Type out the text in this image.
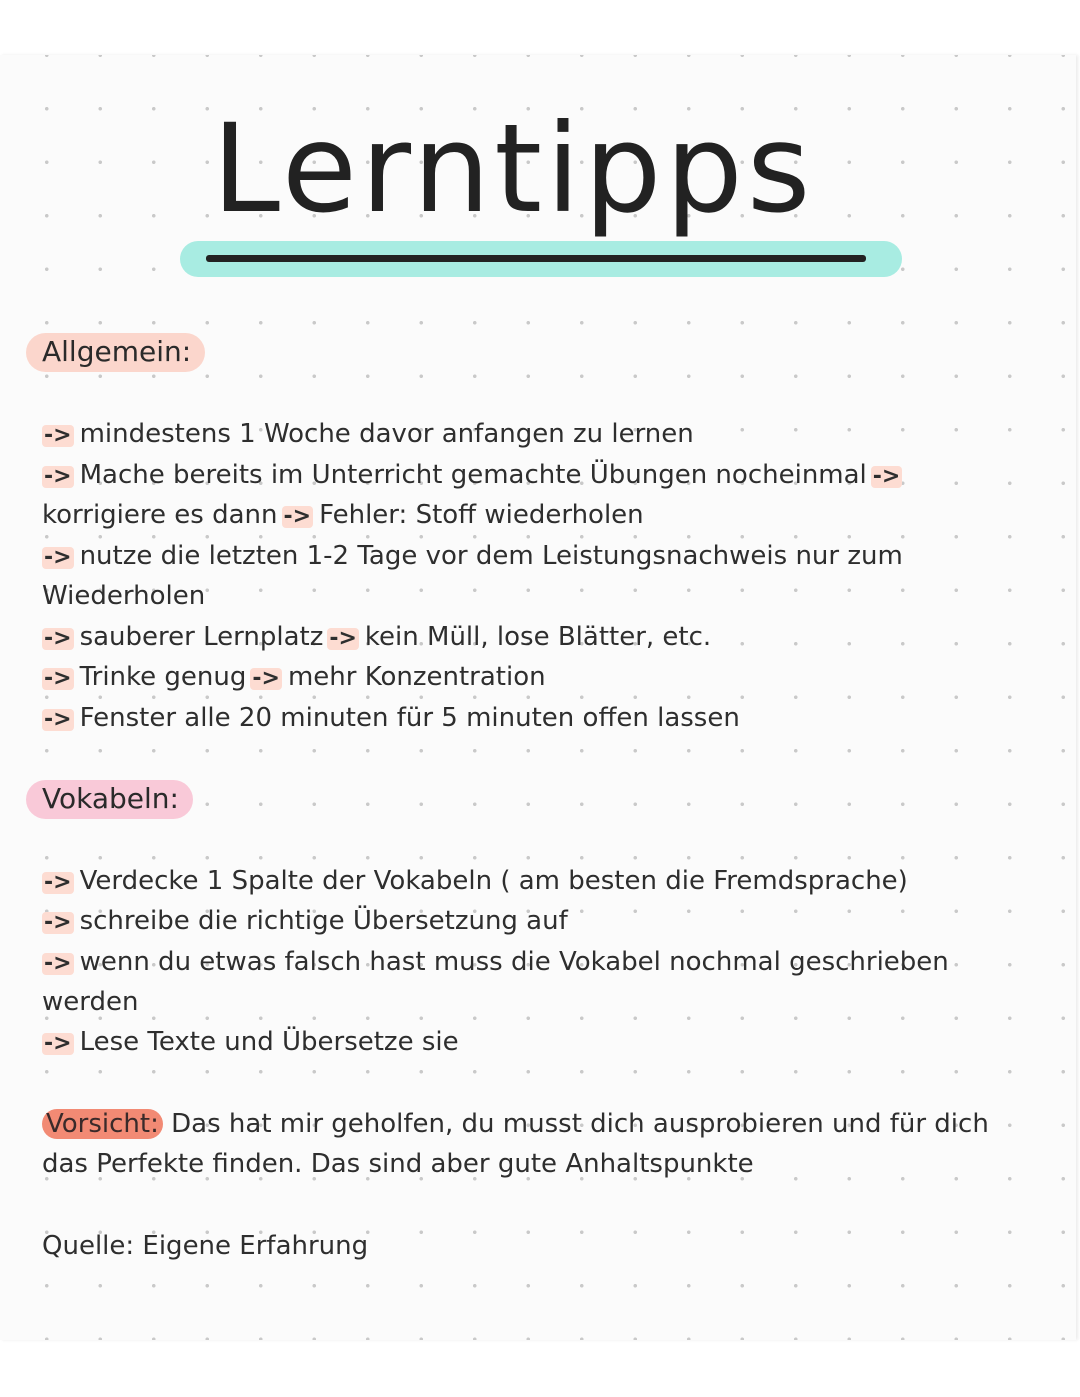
Lerntipps
Allgemein:
-> mindestens 1 Woche davor anfangen zu lernen
-> Mache bereits im Unterricht gemachte Übungen nocheinmal ->
korrigiere es dann -> Fehler: Stoff wiederholen
-> nutze die letzten 1-2 Tage vor dem Leistungsnachweis nur zum
Wiederholen
-> sauberer Lernplatz -> kein Müll, lose Blätter, etc.
-> Trinke genug -> mehr Konzentration
-> Fenster alle 20 minuten für 5 minuten offen lassen
Vokabeln:
-> Verdecke 1 Spalte der Vokabeln ( am besten die Fremdsprache)
-> schreibe die richtige Übersetzung auf
-> wenn du etwas falsch hast muss die Vokabel nochmal geschrieben
werden
-> Lese Texte und Übersetze sie
Vorsicht: Das hat mir geholfen, du musst dich ausprobieren und für dich
das Perfekte finden. Das sind aber gute Anhaltspunkte
Quelle: Eigene Erfahrung
